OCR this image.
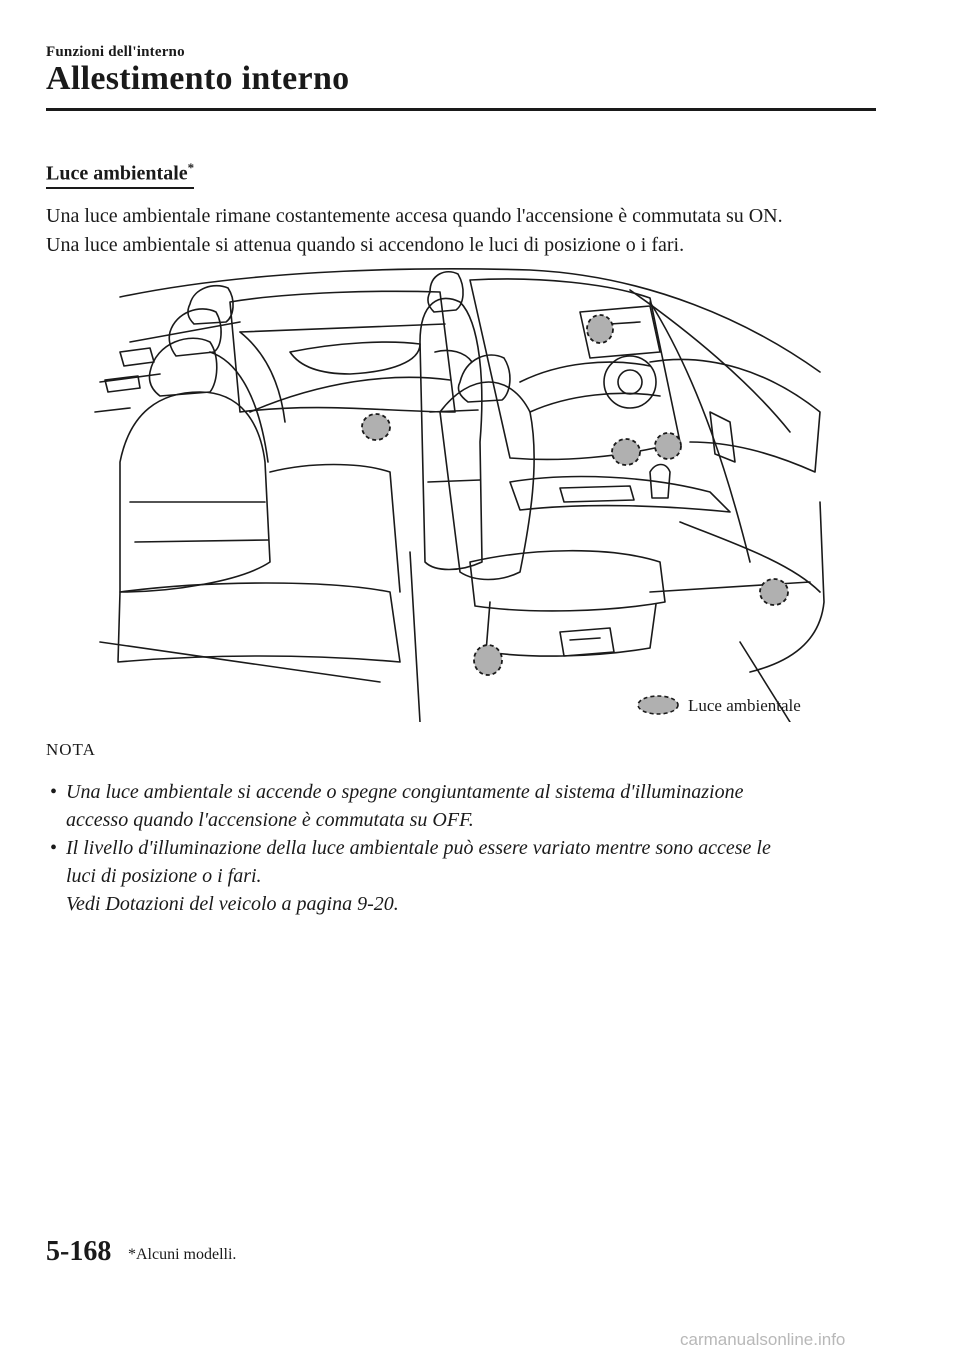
Funzioni dell'interno
Allestimento interno
Luce ambientale*

Una luce ambientale rimane costantemente accesa quando l'accensione è commutata su ON.

Una luce ambientale si attenua quando si accendono le luci di posizione o i fari.

Luce ambientale
NOTA
• Una luce ambientale si accende o spegne congiuntamente al sistema d'illuminazione
accesso quando l'accensione è commutata su OFF.
• Il livello d'illuminazione della luce ambientale può essere variato mentre sono accese le
luci di posizione o i fari.
Vedi Dotazioni del veicolo a pagina 9-20.
5-168 *Alcuni modelli.
carmanualsonline.info
